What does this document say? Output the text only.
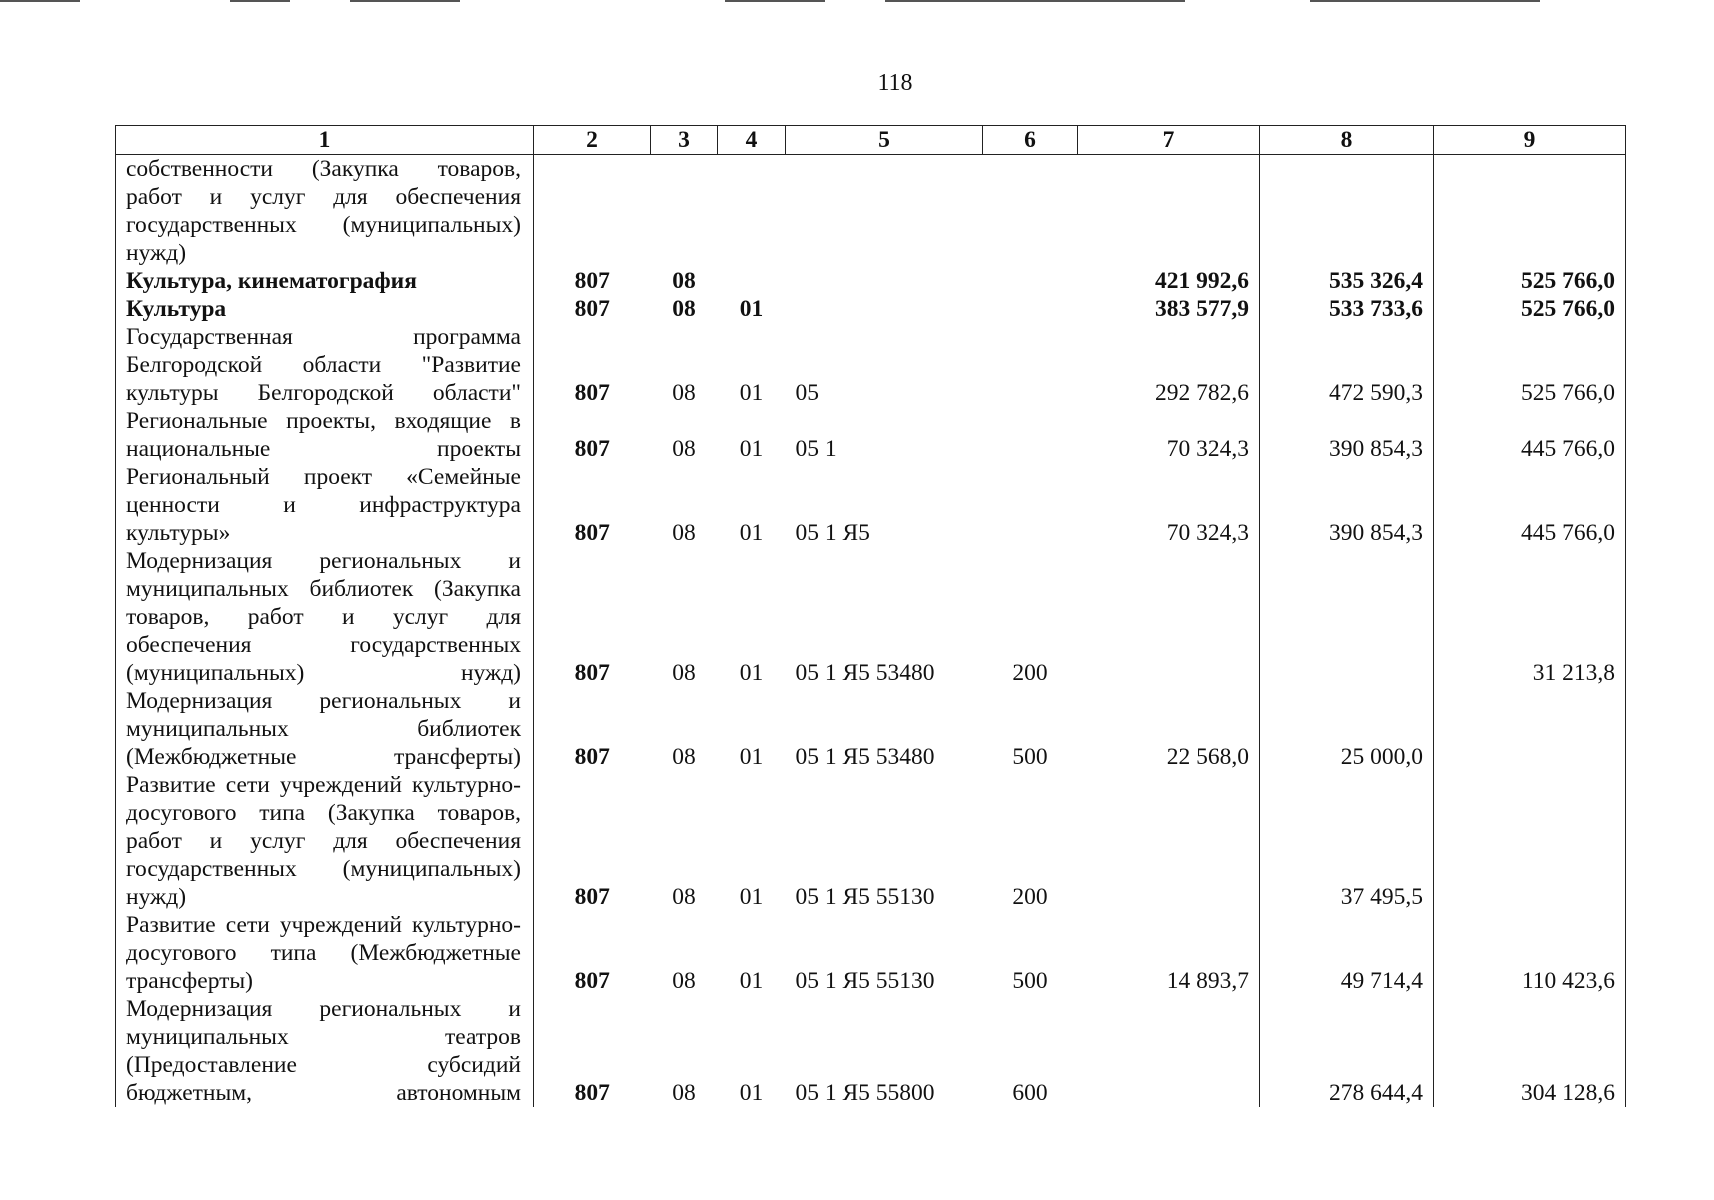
118
1	2	3	4	5	6	7	8	9

собственности (Закупка товаров,
работ и услуг для обеспечения
государственных (муниципальных)
нужд)								

Культура, кинематография	807	08				421 992,6	535 326,4	525 766,0

Культура	807	08	01			383 577,9	533 733,6	525 766,0

Государственная программа
Белгородской области "Развитие
культуры Белгородской области"	807	08	01	05		292 782,6	472 590,3	525 766,0

Региональные проекты, входящие в
национальные проекты	807	08	01	05 1		70 324,3	390 854,3	445 766,0

Региональный проект «Семейные
ценности и инфраструктура
культуры»	807	08	01	05 1 Я5		70 324,3	390 854,3	445 766,0

Модернизация региональных и
муниципальных библиотек (Закупка
товаров, работ и услуг для
обеспечения государственных
(муниципальных) нужд)	807	08	01	05 1 Я5 53480	200			31 213,8

Модернизация региональных и
муниципальных библиотек
(Межбюджетные трансферты)	807	08	01	05 1 Я5 53480	500	22 568,0	25 000,0	

Развитие сети учреждений культурно-
досугового типа (Закупка товаров,
работ и услуг для обеспечения
государственных (муниципальных)
нужд)	807	08	01	05 1 Я5 55130	200		37 495,5	

Развитие сети учреждений культурно-
досугового типа (Межбюджетные
трансферты)	807	08	01	05 1 Я5 55130	500	14 893,7	49 714,4	110 423,6

Модернизация региональных и
муниципальных театров
(Предоставление субсидий
бюджетным, автономным	807	08	01	05 1 Я5 55800	600		278 644,4	304 128,6
